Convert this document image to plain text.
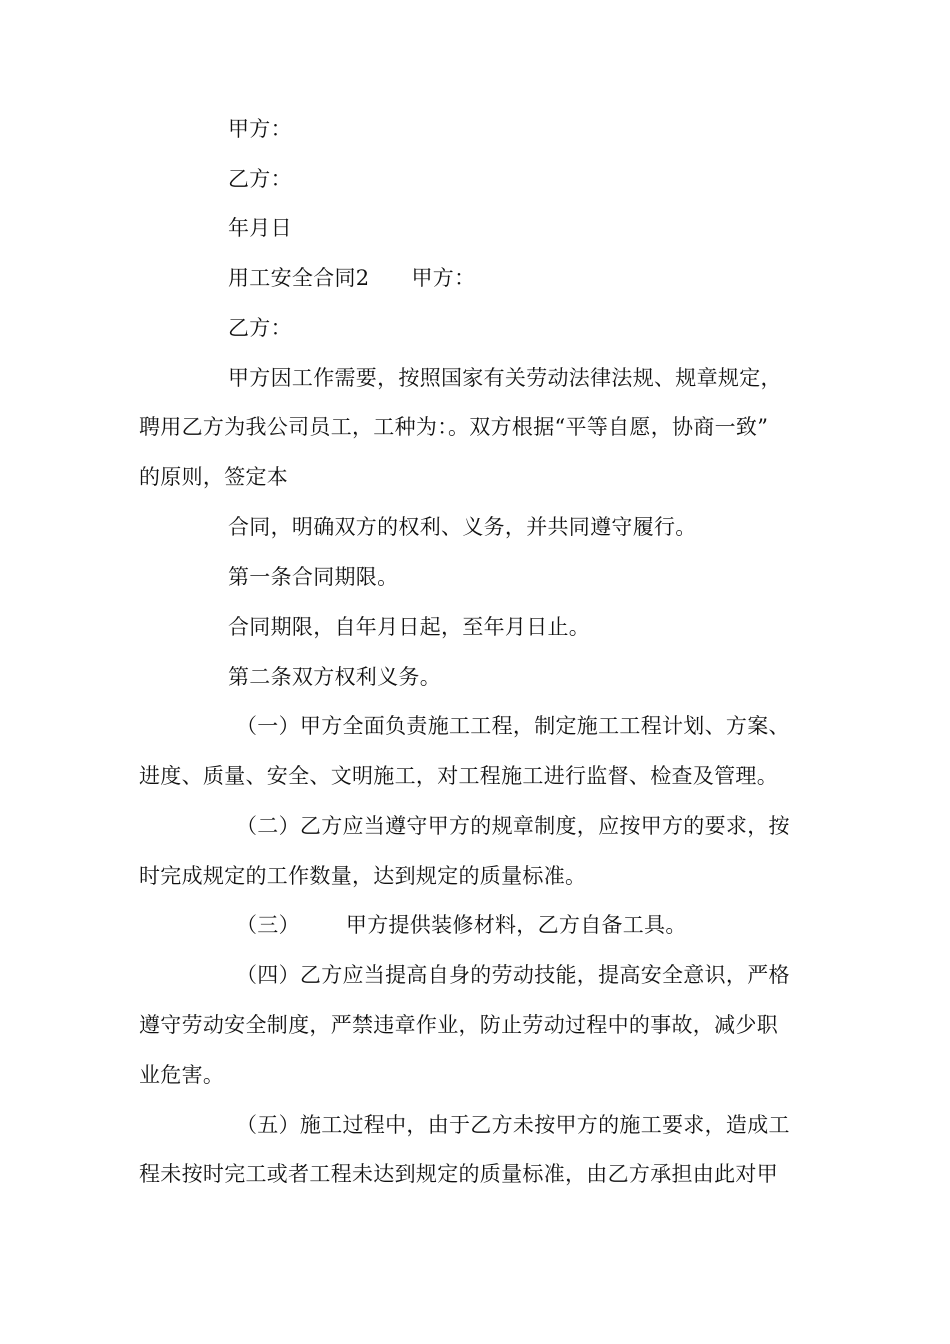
甲方：
乙方：
年月日
用工安全合同2 甲方：
乙方：
甲方因工作需要，按照国家有关劳动法律法规、规章规定，
聘用乙方为我公司员工，工种为：。双方根据“平等自愿，协商一致”
的原则，签定本
合同，明确双方的权利、义务，并共同遵守履行。
第一条合同期限。
合同期限，自年月日起，至年月日止。
第二条双方权利义务。
（一）甲方全面负责施工工程，制定施工工程计划、方案、
进度、质量、安全、文明施工，对工程施工进行监督、检查及管理。
（二）乙方应当遵守甲方的规章制度，应按甲方的要求，按
时完成规定的工作数量，达到规定的质量标准。
（三） 甲方提供装修材料，乙方自备工具。
（四）乙方应当提高自身的劳动技能，提高安全意识，严格
遵守劳动安全制度，严禁违章作业，防止劳动过程中的事故，减少职
业危害。
（五）施工过程中，由于乙方未按甲方的施工要求，造成工
程未按时完工或者工程未达到规定的质量标准，由乙方承担由此对甲
